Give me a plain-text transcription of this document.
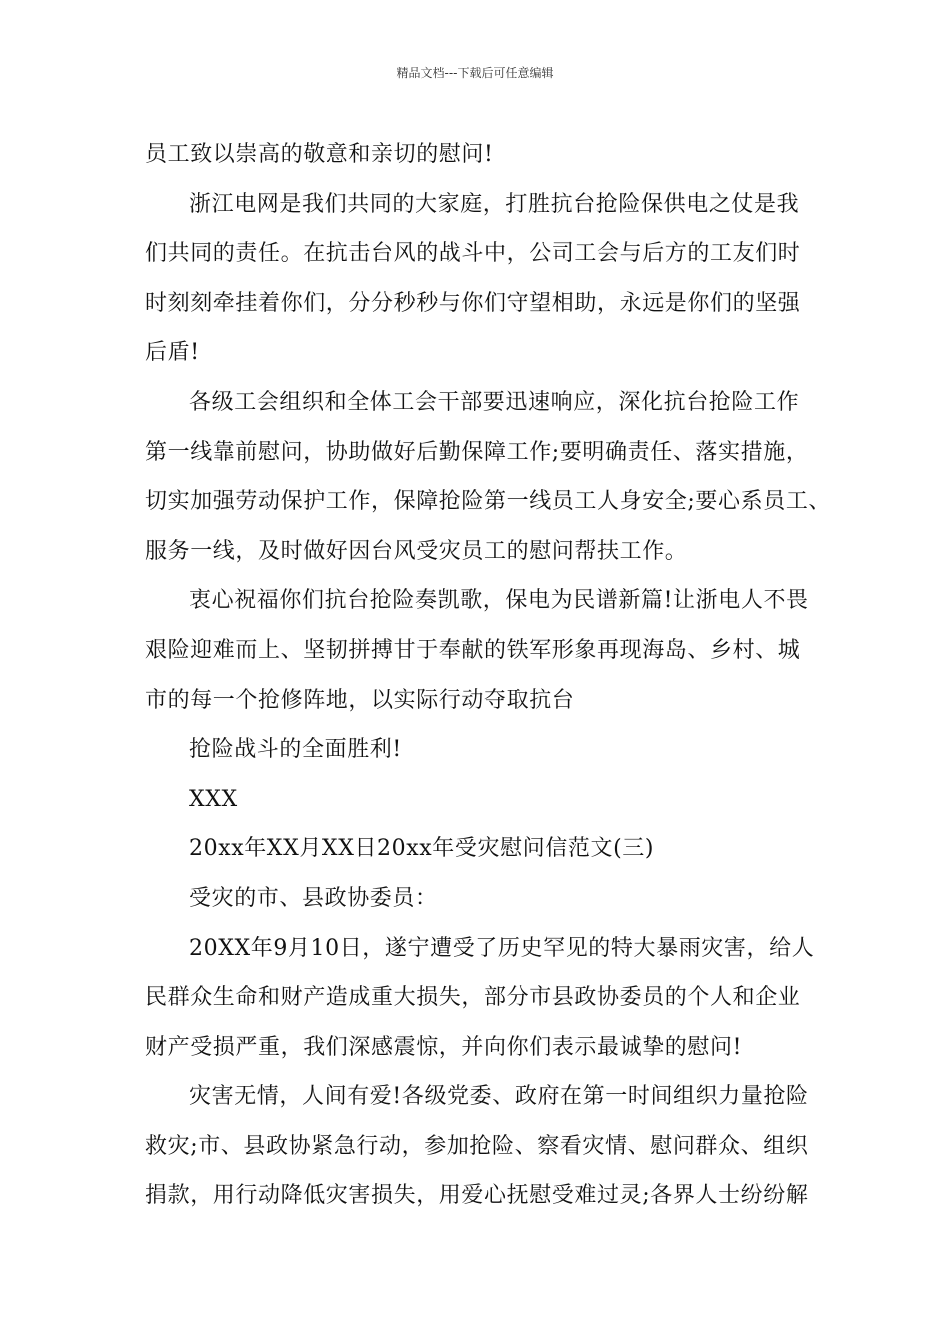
精品文档---下载后可任意编辑
员工致以崇高的敬意和亲切的慰问!
浙江电网是我们共同的大家庭，打胜抗台抢险保供电之仗是我
们共同的责任。在抗击台风的战斗中，公司工会与后方的工友们时
时刻刻牵挂着你们，分分秒秒与你们守望相助，永远是你们的坚强
后盾!
各级工会组织和全体工会干部要迅速响应，深化抗台抢险工作
第一线靠前慰问，协助做好后勤保障工作;要明确责任、落实措施，
切实加强劳动保护工作，保障抢险第一线员工人身安全;要心系员工、
服务一线，及时做好因台风受灾员工的慰问帮扶工作。
衷心祝福你们抗台抢险奏凯歌，保电为民谱新篇!让浙电人不畏
艰险迎难而上、坚韧拼搏甘于奉献的铁军形象再现海岛、乡村、城
市的每一个抢修阵地，以实际行动夺取抗台
抢险战斗的全面胜利!
XXX
20xx年XX月XX日20xx年受灾慰问信范文(三)
受灾的市、县政协委员：
20XX年9月10日，遂宁遭受了历史罕见的特大暴雨灾害，给人
民群众生命和财产造成重大损失，部分市县政协委员的个人和企业
财产受损严重，我们深感震惊，并向你们表示最诚挚的慰问!
灾害无情，人间有爱!各级党委、政府在第一时间组织力量抢险
救灾;市、县政协紧急行动，参加抢险、察看灾情、慰问群众、组织
捐款，用行动降低灾害损失，用爱心抚慰受难过灵;各界人士纷纷解
